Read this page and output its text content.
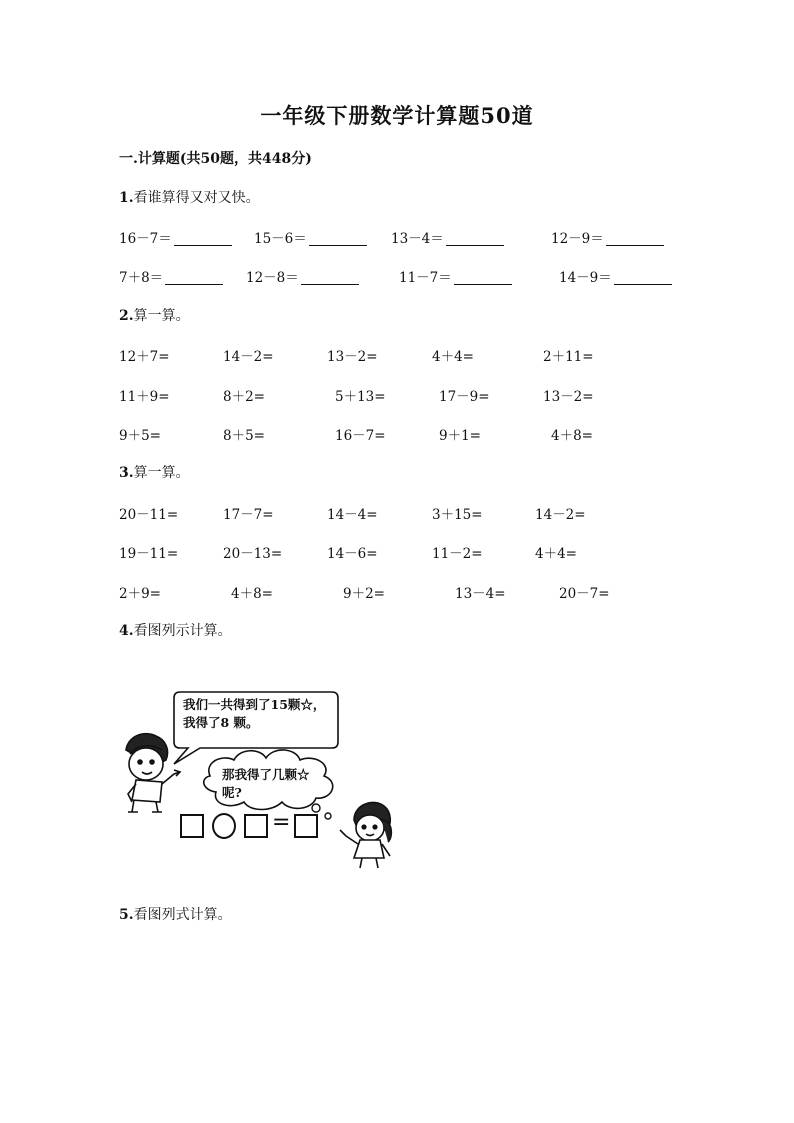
一年级下册数学计算题50道
一.计算题(共50题，共448分)
1.看谁算得又对又快。
16－7＝	15－6＝	13－4＝	12－9＝
7＋8＝	12－8＝	11－7＝	14－9＝
2.算一算。
12＋7=	14－2=	13－2=	4＋4=	2＋11=
11＋9=	8＋2=	5＋13=	17－9=	13－2=
9＋5=	8＋5=	16－7=	9＋1=	4＋8=
3.算一算。
20－11=	17－7=	14－4=	3＋15=	14－2=
19－11=	20－13=	14－6=	11－2=	4＋4=
2＋9=	4＋8=	9＋2=	13－4=	20－7=
4.看图列示计算。
我们一共得到了15颗☆，
我得了8 颗。
那我得了几颗☆
呢?
=
5.看图列式计算。
